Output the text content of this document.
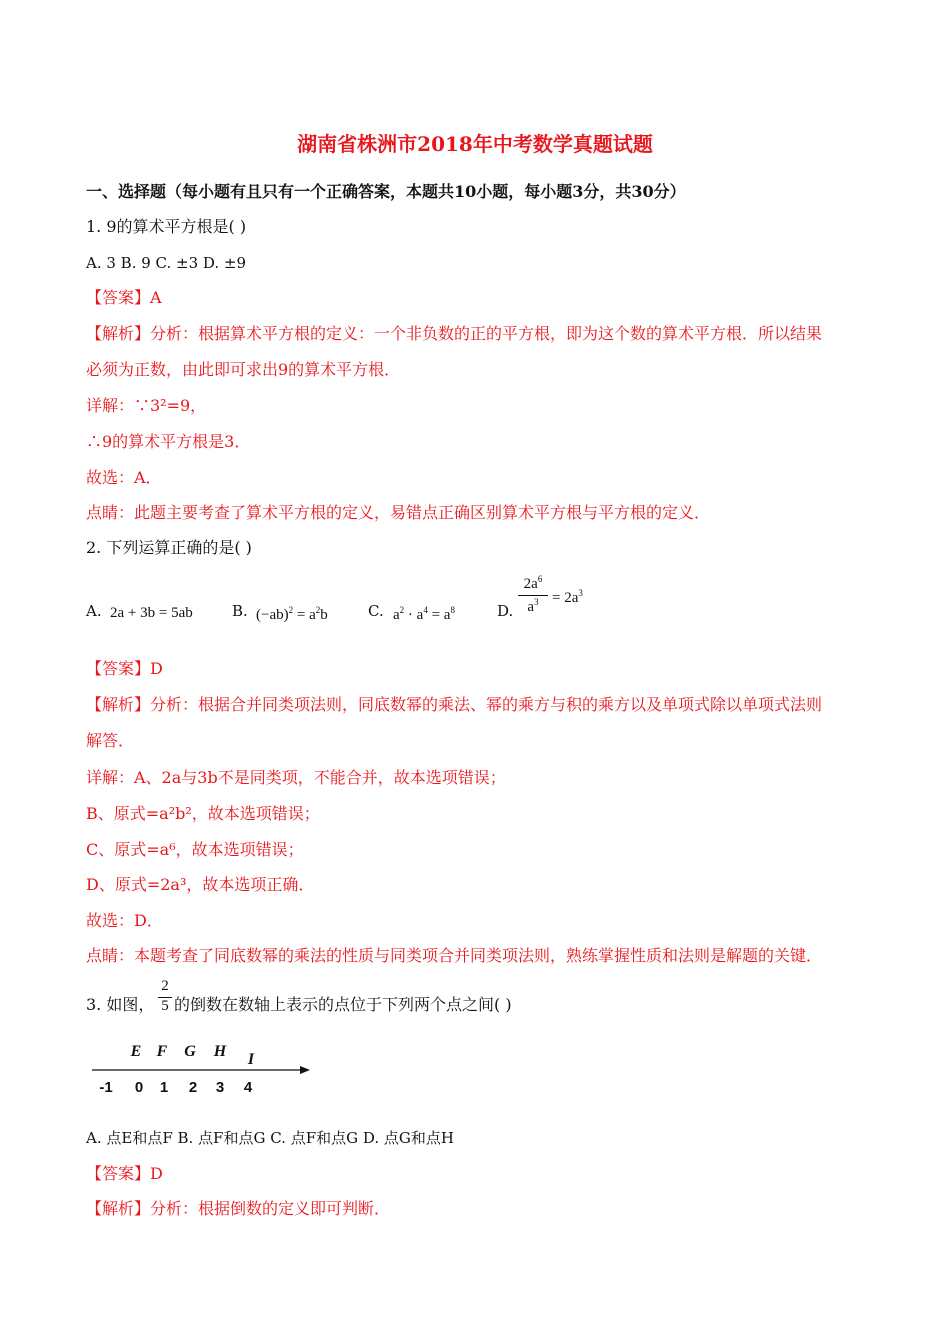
湖南省株洲市2018年中考数学真题试题
一、选择题（每小题有且只有一个正确答案，本题共10小题，每小题3分，共30分）
1. 9的算术平方根是( )
A. 3 B. 9 C. ±3 D. ±9
【答案】A
【解析】分析：根据算术平方根的定义：一个非负数的正的平方根，即为这个数的算术平方根．所以结果
必须为正数，由此即可求出9的算术平方根．
详解：∵3²=9，
∴9的算术平方根是3．
故选：A．
点睛：此题主要考查了算术平方根的定义，易错点正确区别算术平方根与平方根的定义．
2. 下列运算正确的是( )
A. 2a + 3b = 5ab	B. $(-ab)^2 = a^2b$	C. $a^2 \cdot a^4 = a^8$	D. $\frac{2a^6}{a^3} = 2a^3$
【答案】D
【解析】分析：根据合并同类项法则，同底数幂的乘法、幂的乘方与积的乘方以及单项式除以单项式法则
解答．
详解：A、2a与3b不是同类项，不能合并，故本选项错误；
B、原式=a²b²，故本选项错误；
C、原式=a⁶，故本选项错误；
D、原式=2a³，故本选项正确．
故选：D．
点睛：本题考查了同底数幂的乘法的性质与同类项合并同类项法则，熟练掌握性质和法则是解题的关键．
3. 如图， $\frac{2}{5}$ 的倒数在数轴上表示的点位于下列两个点之间( )
E F G H I
-1 0 1 2 3 4
A. 点E和点F B. 点F和点G C. 点F和点G D. 点G和点H
【答案】D
【解析】分析：根据倒数的定义即可判断．
